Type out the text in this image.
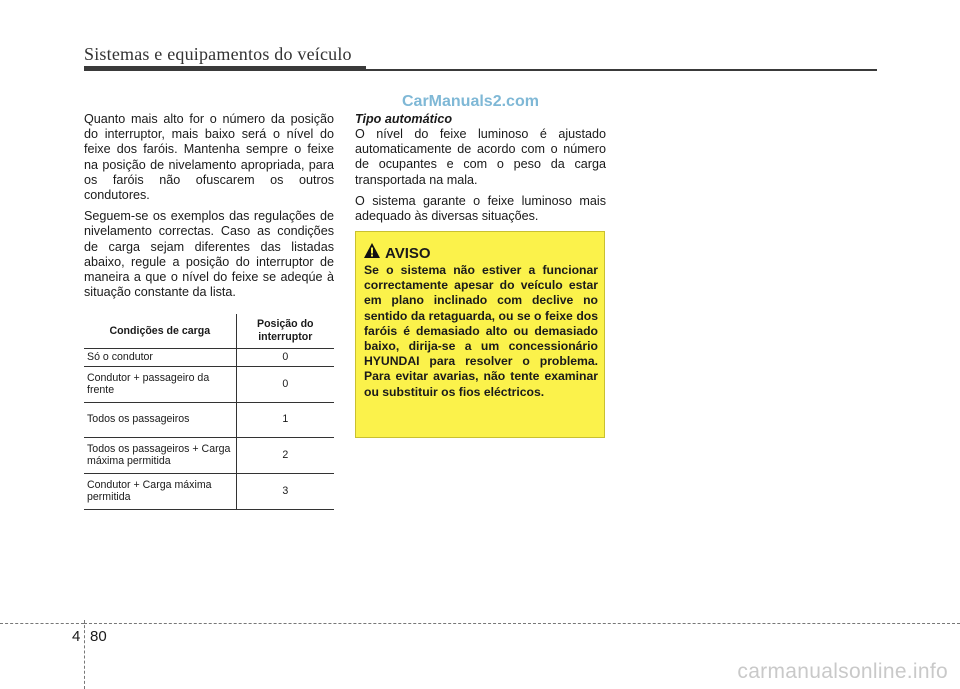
Sistemas e equipamentos do veículo
CarManuals2.com

Quanto mais alto for o número da posição do interruptor, mais baixo será o nível do feixe dos faróis. Mantenha sempre o feixe na posição de nivelamento apropriada, para os faróis não ofuscarem os outros condutores.

Seguem-se os exemplos das regulações de nivelamento correctas. Caso as condições de carga sejam diferentes das listadas abaixo, regule a posição do interruptor de maneira a que o nível do feixe se adeqúe à situação constante da lista.

Condições de carga	Posição do interruptor
Só o condutor	0
Condutor + passageiro da frente	0
Todos os passageiros	1
Todos os passageiros + Carga máxima permitida	2
Condutor + Carga máxima permitida	3

Tipo automático

O nível do feixe luminoso é ajustado automaticamente de acordo com o número de ocupantes e com o peso da carga transportada na mala.

O sistema garante o feixe luminoso mais adequado às diversas situações.

AVISO
Se o sistema não estiver a funcionar correctamente apesar do veículo estar em plano inclinado com declive no sentido da retaguarda, ou se o feixe dos faróis é demasiado alto ou demasiado baixo, dirija-se a um concessionário HYUNDAI para resolver o problema. Para evitar avarias, não tente examinar ou substituir os fios eléctricos.
4 80
carmanualsonline.info
